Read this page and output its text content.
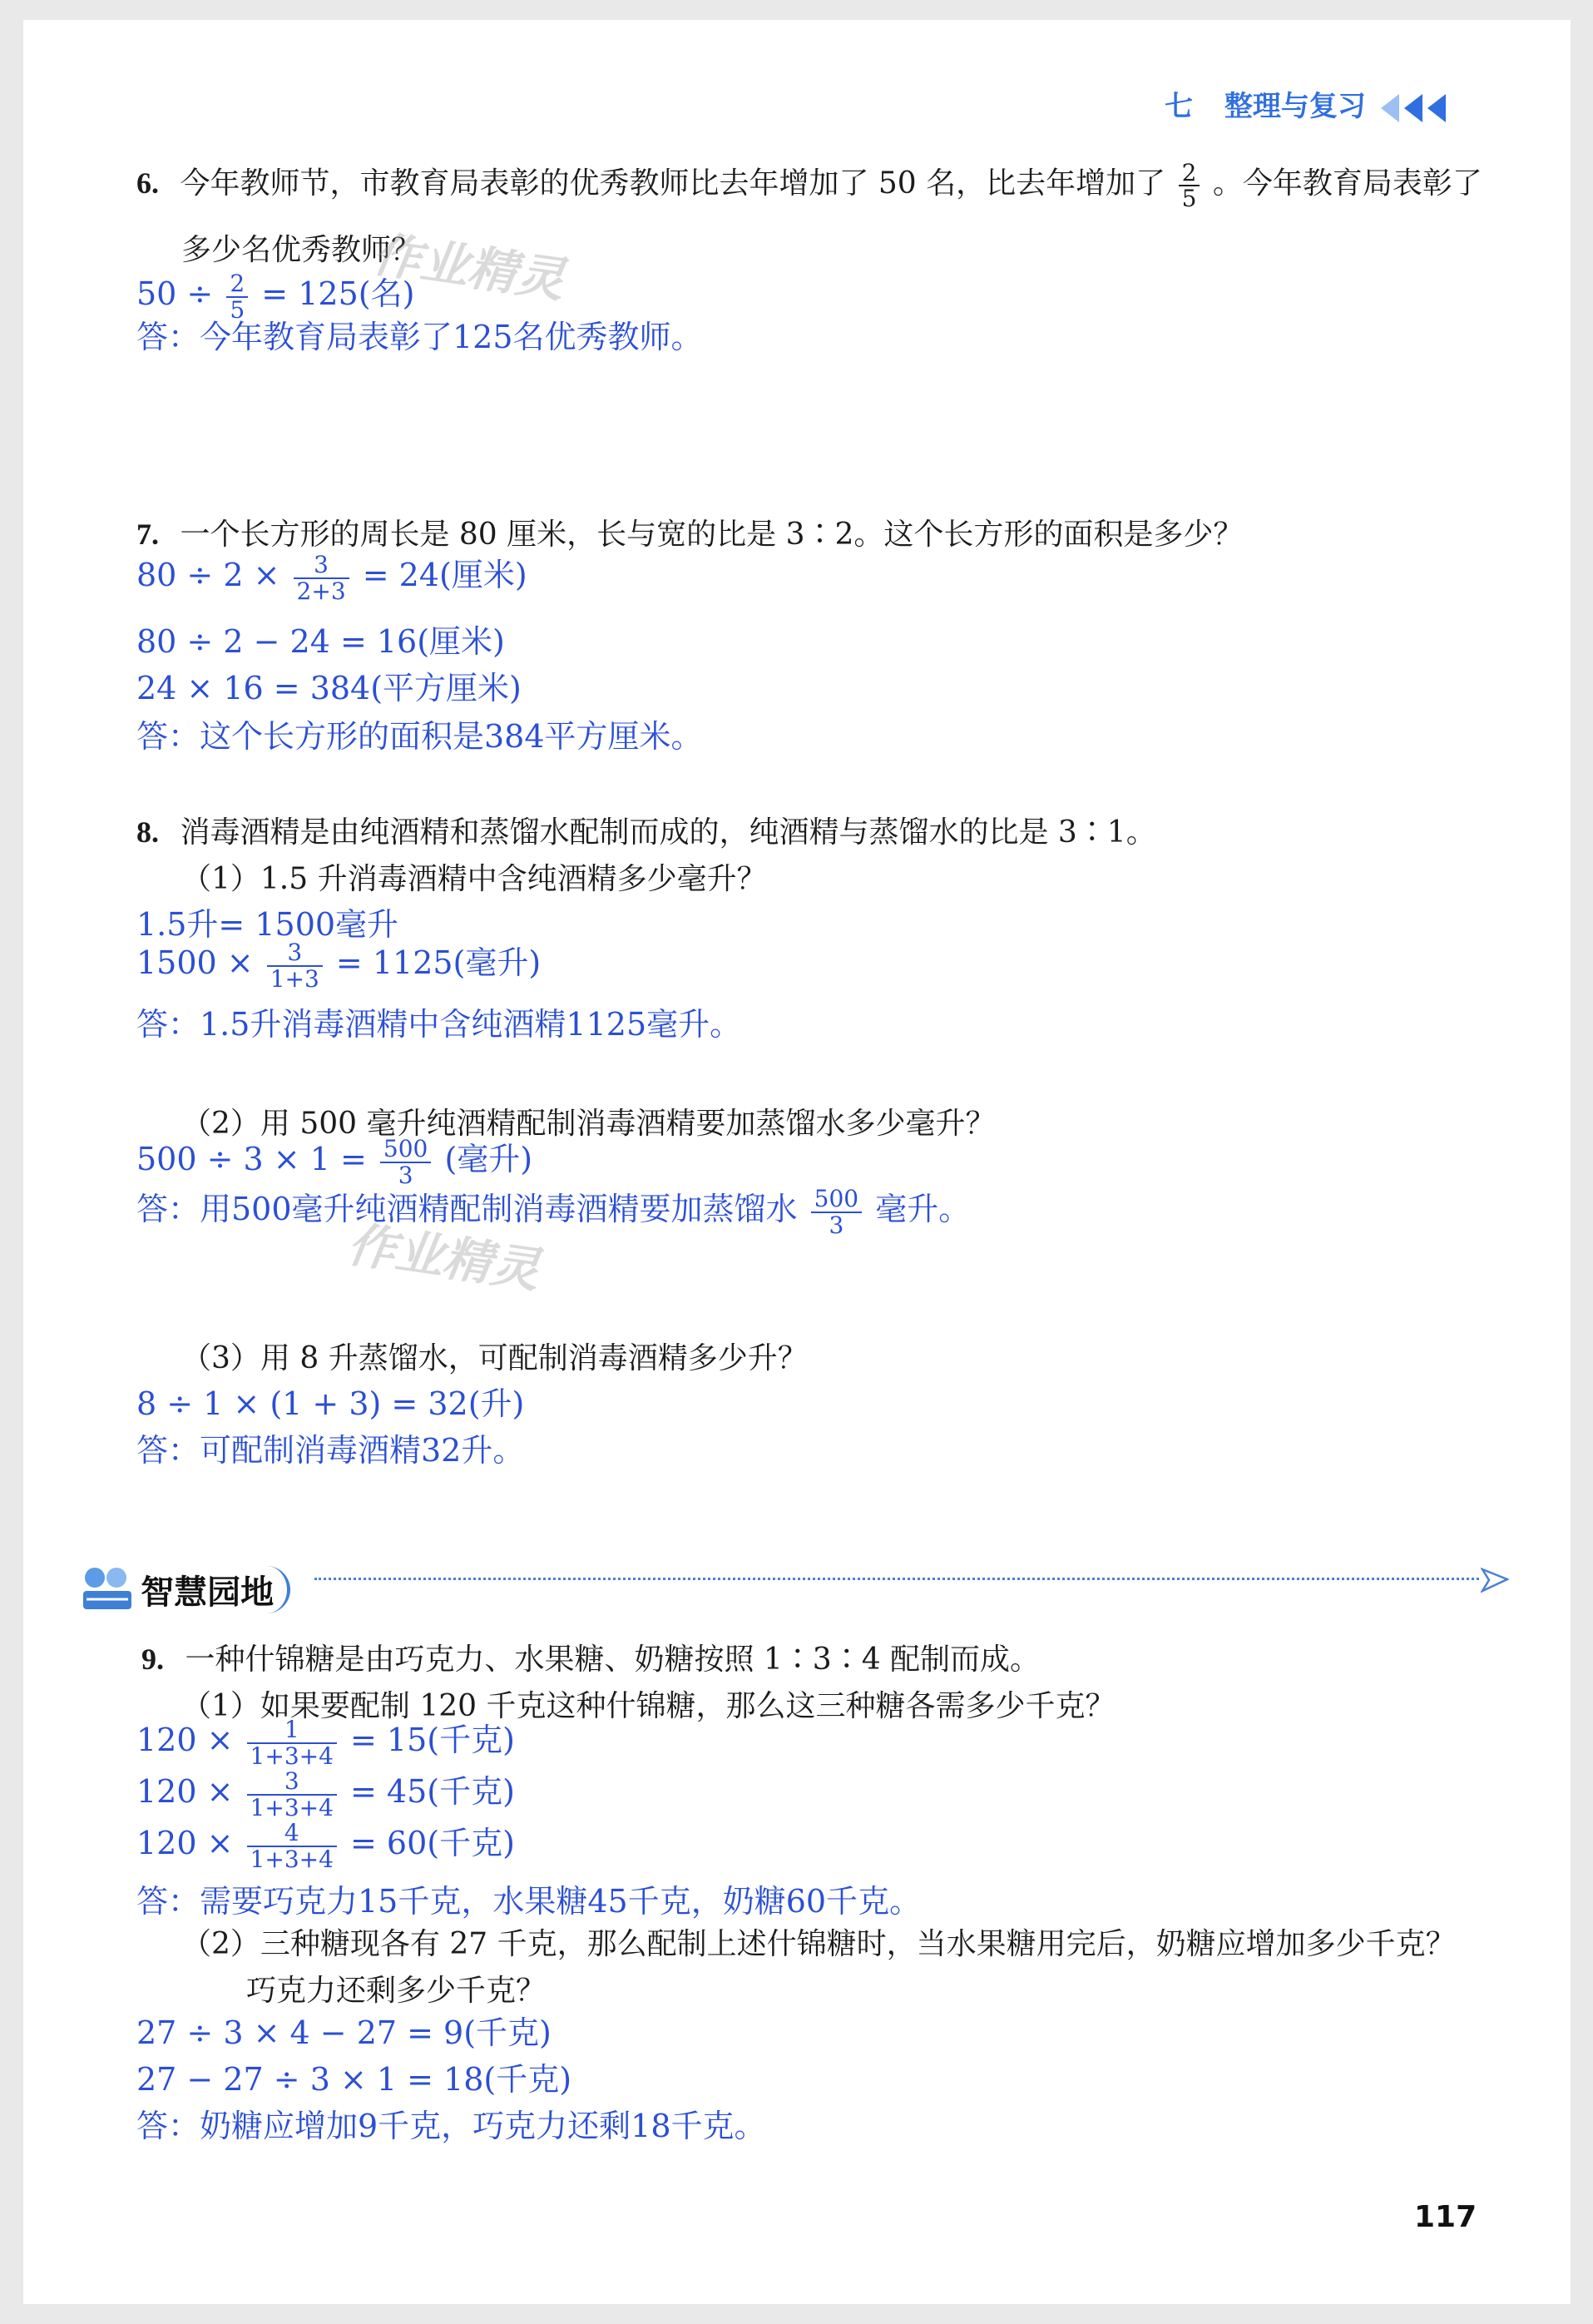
七 整理与复习
6. 今年教师节，市教育局表彰的优秀教师比去年增加了 50 名，比去年增加了 $\frac{2}{5}$ 。今年教育局表彰了
多少名优秀教师？
$50 \div \frac{2}{5} = 125$(名)
答：今年教育局表彰了125名优秀教师。
作业精灵
7. 一个长方形的周长是 80 厘米，长与宽的比是 3∶2。这个长方形的面积是多少？
$80 \div 2 \times \frac{3}{2+3} = 24$(厘米)
80 ÷ 2 − 24 = 16(厘米)
24 × 16 = 384(平方厘米)
答：这个长方形的面积是384平方厘米。
8. 消毒酒精是由纯酒精和蒸馏水配制而成的，纯酒精与蒸馏水的比是 3∶1。
（1）1.5 升消毒酒精中含纯酒精多少毫升？
1.5升= 1500毫升
$1500 \times \frac{3}{1+3} = 1125$(毫升)
答：1.5升消毒酒精中含纯酒精1125毫升。
（2）用 500 毫升纯酒精配制消毒酒精要加蒸馏水多少毫升？
$500 \div 3 \times 1 = \frac{500}{3}$ (毫升)
答：用500毫升纯酒精配制消毒酒精要加蒸馏水 $\frac{500}{3}$ 毫升。
作业精灵
（3）用 8 升蒸馏水，可配制消毒酒精多少升？
8 ÷ 1 × (1 + 3) = 32(升)
答：可配制消毒酒精32升。
智慧园地
9. 一种什锦糖是由巧克力、水果糖、奶糖按照 1∶3∶4 配制而成。
（1）如果要配制 120 千克这种什锦糖，那么这三种糖各需多少千克？
$120 \times \frac{1}{1+3+4} = 15$(千克)
$120 \times \frac{3}{1+3+4} = 45$(千克)
$120 \times \frac{4}{1+3+4} = 60$(千克)
答：需要巧克力15千克，水果糖45千克，奶糖60千克。
（2）三种糖现各有 27 千克，那么配制上述什锦糖时，当水果糖用完后，奶糖应增加多少千克？
巧克力还剩多少千克？
27 ÷ 3 × 4 − 27 = 9(千克)
27 − 27 ÷ 3 × 1 = 18(千克)
答：奶糖应增加9千克，巧克力还剩18千克。
117
